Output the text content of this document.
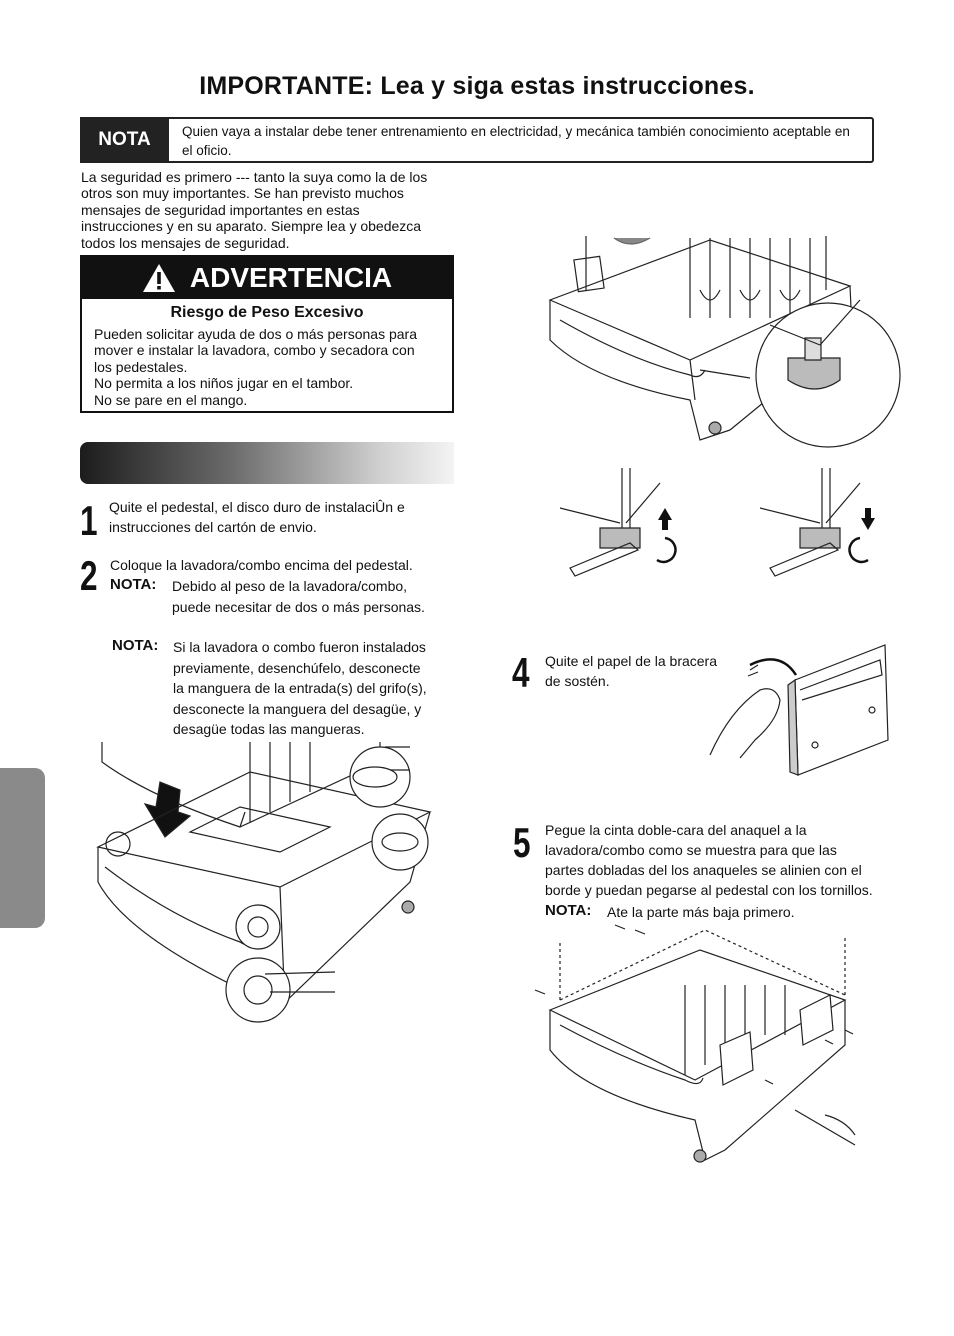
IMPORTANTE: Lea y siga estas instrucciones.
NOTA	Quien vaya a instalar debe tener entrenamiento en electricidad, y mecánica también conocimiento aceptable en el oficio.
La seguridad es primero --- tanto la suya como la de los
otros son muy importantes. Se han previsto muchos
mensajes de seguridad importantes en estas
instrucciones y en su aparato. Siempre lea y obedezca
todos los mensajes de seguridad.
ADVERTENCIA
Riesgo de Peso Excesivo
Pueden solicitar ayuda de dos o más personas para
mover e instalar la lavadora, combo y secadora con
los pedestales.
No permita a los niños jugar en el tambor.
No se pare en el mango.
1 Quite el pedestal, el disco duro de instalaciÛn e
instrucciones del cartón de envio.
2 Coloque la lavadora/combo encima del pedestal.
NOTA: Debido al peso de la lavadora/combo,
puede necesitar de dos o más personas.
NOTA: Si la lavadora o combo fueron instalados
previamente, desenchúfelo, desconecte
la manguera de la entrada(s) del grifo(s),
desconecte la manguera del desagüe, y
desagüe todas las mangueras.
4 Quite el papel de la bracera
de sostén.
5 Pegue la cinta doble-cara del anaquel a la
lavadora/combo como se muestra para que las
partes dobladas del los anaqueles se alinien con el
borde y puedan pegarse al pedestal con los tornillos.
NOTA: Ate la parte más baja primero.
